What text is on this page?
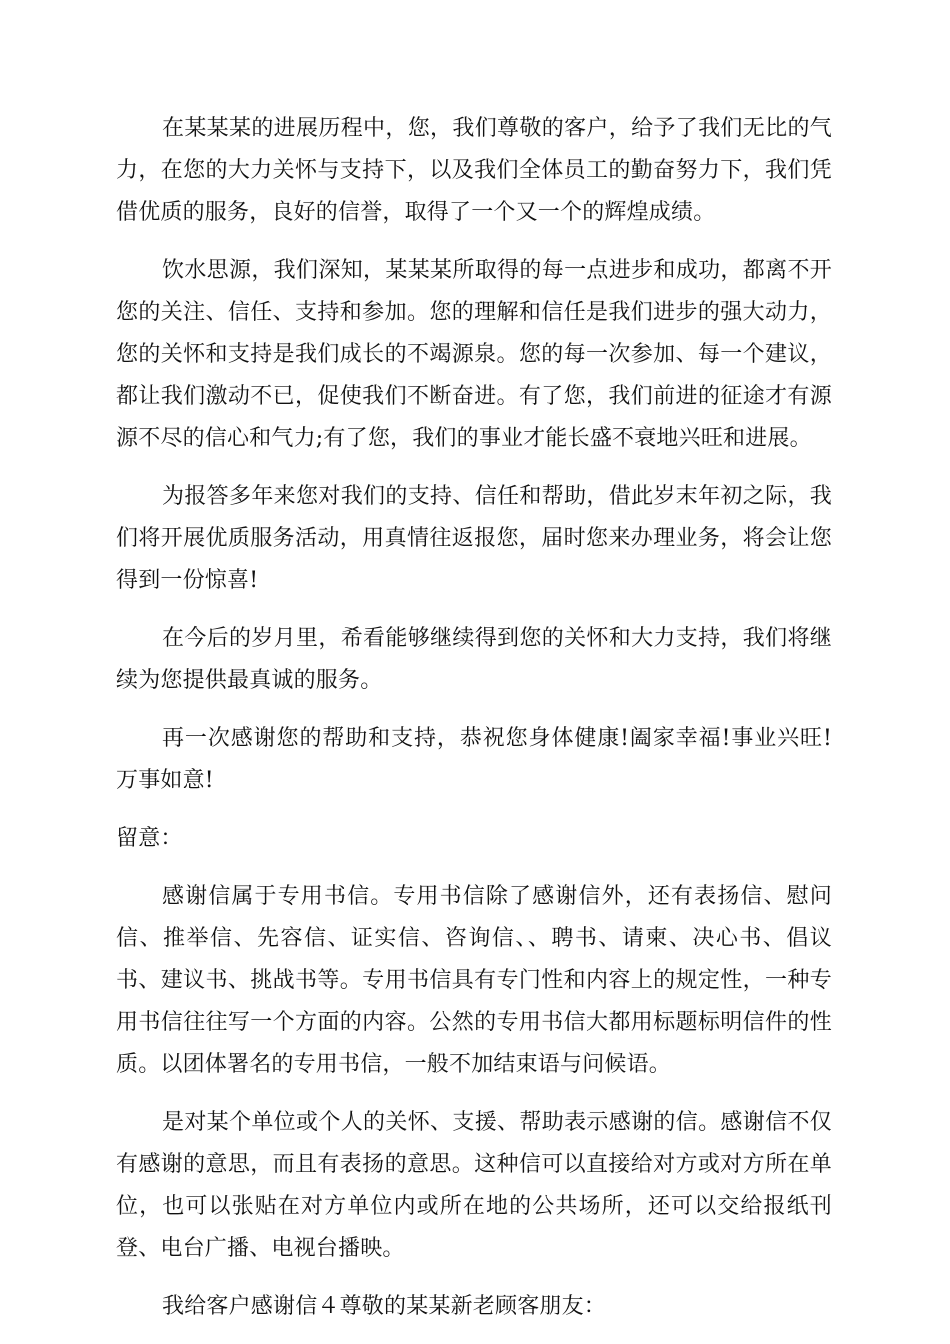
在某某某的进展历程中，您，我们尊敬的客户，给予了我们无比的气力，在您的大力关怀与支持下，以及我们全体员工的勤奋努力下，我们凭借优质的服务，良好的信誉，取得了一个又一个的辉煌成绩。

饮水思源，我们深知，某某某所取得的每一点进步和成功，都离不开您的关注、信任、支持和参加。您的理解和信任是我们进步的强大动力，您的关怀和支持是我们成长的不竭源泉。您的每一次参加、每一个建议，都让我们激动不已，促使我们不断奋进。有了您，我们前进的征途才有源源不尽的信心和气力;有了您，我们的事业才能长盛不衰地兴旺和进展。

为报答多年来您对我们的支持、信任和帮助，借此岁末年初之际，我们将开展优质服务活动，用真情往返报您，届时您来办理业务，将会让您得到一份惊喜!

在今后的岁月里，希看能够继续得到您的关怀和大力支持，我们将继续为您提供最真诚的服务。

再一次感谢您的帮助和支持，恭祝您身体健康!阖家幸福!事业兴旺!万事如意!

留意：

感谢信属于专用书信。专用书信除了感谢信外，还有表扬信、慰问信、推举信、先容信、证实信、咨询信、、聘书、请柬、决心书、倡议书、建议书、挑战书等。专用书信具有专门性和内容上的规定性，一种专用书信往往写一个方面的内容。公然的专用书信大都用标题标明信件的性质。以团体署名的专用书信，一般不加结束语与问候语。

是对某个单位或个人的关怀、支援、帮助表示感谢的信。感谢信不仅有感谢的意思，而且有表扬的意思。这种信可以直接给对方或对方所在单位，也可以张贴在对方单位内或所在地的公共场所，还可以交给报纸刊登、电台广播、电视台播映。

我给客户感谢信４尊敬的某某新老顾客朋友：
